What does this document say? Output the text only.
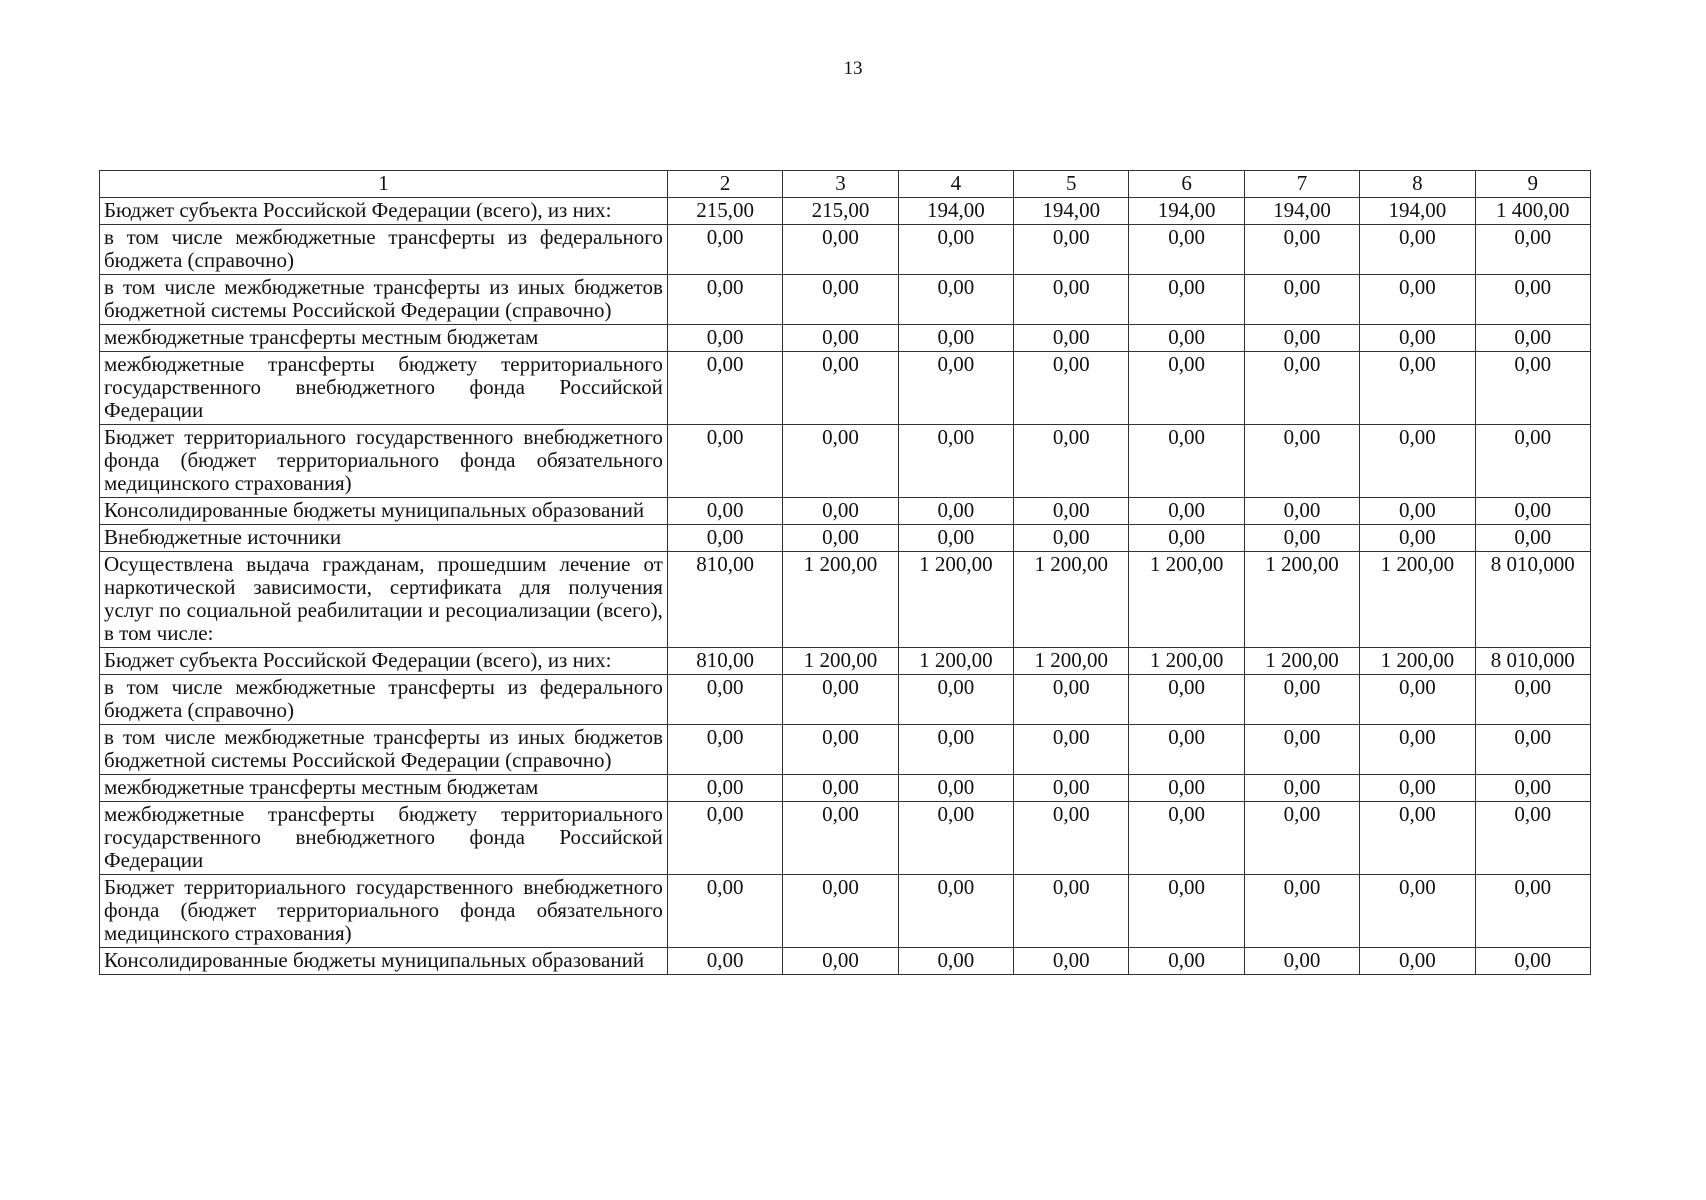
13
1	2	3	4	5	6	7	8	9
Бюджет субъекта Российской Федерации (всего), из них:	215,00	215,00	194,00	194,00	194,00	194,00	194,00	1 400,00
в том числе межбюджетные трансферты из федерального бюджета (справочно)	0,00	0,00	0,00	0,00	0,00	0,00	0,00	0,00
в том числе межбюджетные трансферты из иных бюджетов бюджетной системы Российской Федерации (справочно)	0,00	0,00	0,00	0,00	0,00	0,00	0,00	0,00
межбюджетные трансферты местным бюджетам	0,00	0,00	0,00	0,00	0,00	0,00	0,00	0,00
межбюджетные трансферты бюджету территориального государственного внебюджетного фонда Российской Федерации	0,00	0,00	0,00	0,00	0,00	0,00	0,00	0,00
Бюджет территориального государственного внебюджетного фонда (бюджет территориального фонда обязательного медицинского страхования)	0,00	0,00	0,00	0,00	0,00	0,00	0,00	0,00
Консолидированные бюджеты муниципальных образований	0,00	0,00	0,00	0,00	0,00	0,00	0,00	0,00
Внебюджетные источники	0,00	0,00	0,00	0,00	0,00	0,00	0,00	0,00
Осуществлена выдача гражданам, прошедшим лечение от наркотической зависимости, сертификата для получения услуг по социальной реабилитации и ресоциализации (всего), в том числе:	810,00	1 200,00	1 200,00	1 200,00	1 200,00	1 200,00	1 200,00	8 010,000
Бюджет субъекта Российской Федерации (всего), из них:	810,00	1 200,00	1 200,00	1 200,00	1 200,00	1 200,00	1 200,00	8 010,000
в том числе межбюджетные трансферты из федерального бюджета (справочно)	0,00	0,00	0,00	0,00	0,00	0,00	0,00	0,00
в том числе межбюджетные трансферты из иных бюджетов бюджетной системы Российской Федерации (справочно)	0,00	0,00	0,00	0,00	0,00	0,00	0,00	0,00
межбюджетные трансферты местным бюджетам	0,00	0,00	0,00	0,00	0,00	0,00	0,00	0,00
межбюджетные трансферты бюджету территориального государственного внебюджетного фонда Российской Федерации	0,00	0,00	0,00	0,00	0,00	0,00	0,00	0,00
Бюджет территориального государственного внебюджетного фонда (бюджет территориального фонда обязательного медицинского страхования)	0,00	0,00	0,00	0,00	0,00	0,00	0,00	0,00
Консолидированные бюджеты муниципальных образований	0,00	0,00	0,00	0,00	0,00	0,00	0,00	0,00
